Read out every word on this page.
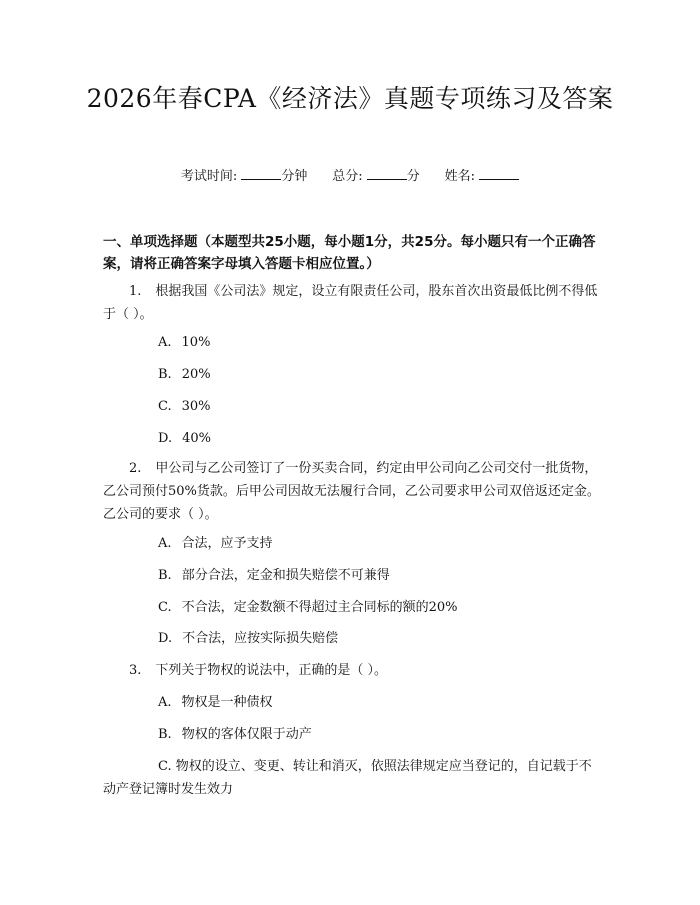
2026年春CPA《经济法》真题专项练习及答案
考试时间:	分钟 总分:	分 姓名:
一、单项选择题（本题型共25小题，每小题1分，共25分。每小题只有一个正确答案，请将正确答案字母填入答题卡相应位置。）
1. 根据我国《公司法》规定，设立有限责任公司，股东首次出资最低比例不得低于（ ）。
A. 10%
B. 20%
C. 30%
D. 40%
2. 甲公司与乙公司签订了一份买卖合同，约定由甲公司向乙公司交付一批货物，乙公司预付50%货款。后甲公司因故无法履行合同，乙公司要求甲公司双倍返还定金。乙公司的要求（ ）。
A. 合法，应予支持
B. 部分合法，定金和损失赔偿不可兼得
C. 不合法，定金数额不得超过主合同标的额的20%
D. 不合法，应按实际损失赔偿
3. 下列关于物权的说法中，正确的是（ ）。
A. 物权是一种债权
B. 物权的客体仅限于动产
C. 物权的设立、变更、转让和消灭，依照法律规定应当登记的，自记载于不动产登记簿时发生效力
